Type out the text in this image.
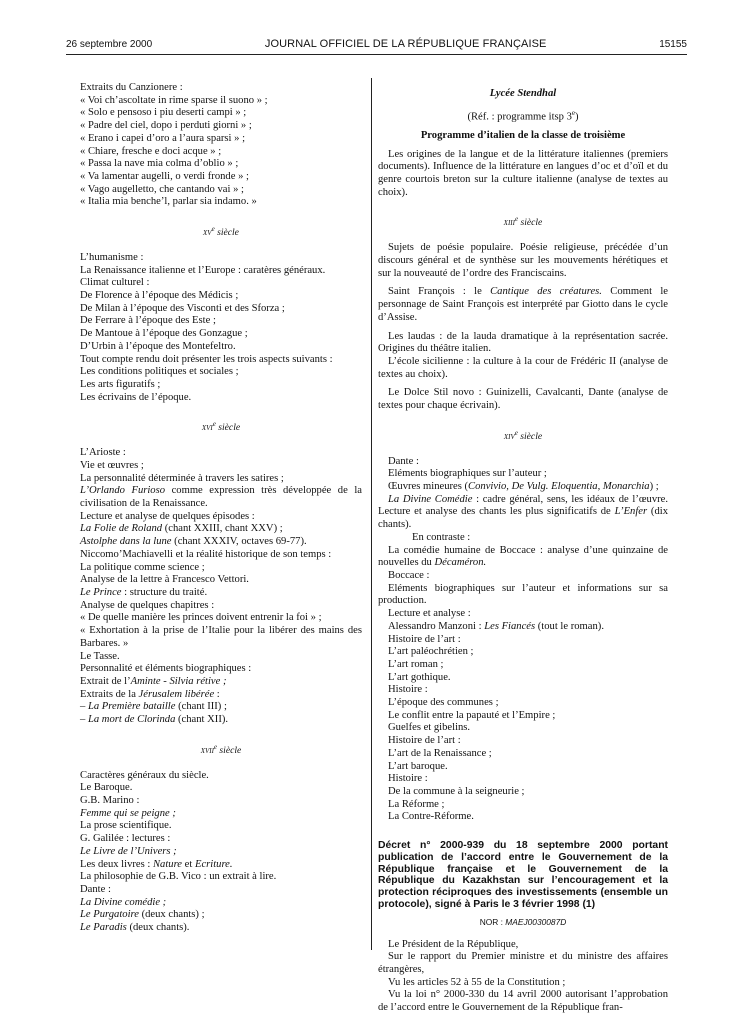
26 septembre 2000	JOURNAL OFFICIEL DE LA RÉPUBLIQUE FRANÇAISE	15155

Extraits du Canzionere :

« Voi ch’ascoltate in rime sparse il suono » ;

« Solo e pensoso i piu deserti campi » ;

« Padre del ciel, dopo i perduti giorni » ;

« Erano i capei d’oro a l’aura sparsi » ;

« Chiare, fresche e doci acque » ;

« Passa la nave mia colma d’oblio » ;

« Va lamentar augelli, o verdi fronde » ;

« Vago augelletto, che cantando vai » ;

« Italia mia benche’l, parlar sia indamo. »

$xv^e$ siècle

L’humanisme :

La Renaissance italienne et l’Europe : caratères généraux.

Climat culturel :

De Florence à l’époque des Médicis ;

De Milan à l’époque des Visconti et des Sforza ;

De Ferrare à l’époque des Este ;

De Mantoue à l’époque des Gonzague ;

D’Urbin à l’époque des Montefeltro.

Tout compte rendu doit présenter les trois aspects suivants :

Les conditions politiques et sociales ;

Les arts figuratifs ;

Les écrivains de l’époque.

xvi$^e$ siècle

L’Arioste :

Vie et œuvres ;

La personnalité déterminée à travers les satires ;

L’Orlando Furioso comme expression très développée de la civilisation de la Renaissance.

Lecture et analyse de quelques épisodes :

La Folie de Roland (chant XXIII, chant XXV) ;

Astolphe dans la lune (chant XXXIV, octaves 69-77).

Niccomo’Machiavelli et la réalité historique de son temps :

La politique comme science ;

Analyse de la lettre à Francesco Vettori.

Le Prince : structure du traité.

Analyse de quelques chapitres :

« De quelle manière les princes doivent entrenir la foi » ;

« Exhortation à la prise de l’Italie pour la libérer des mains des Barbares. »

Le Tasse.

Personnalité et éléments biographiques :

Extrait de l’Aminte - Silvia rétive ;

Extraits de la Jérusalem libérée :

– La Première bataille (chant III) ;

– La mort de Clorinda (chant XII).

xvii$^e$ siècle

Caractères généraux du siècle.

Le Baroque.

G.B. Marino :

Femme qui se peigne ;

La prose scientifique.

G. Galilée : lectures :

Le Livre de l’Univers ;

Les deux livres : Nature et Ecriture.

La philosophie de G.B. Vico : un extrait à lire.

Dante :

La Divine comédie ;

Le Purgatoire (deux chants) ;

Le Paradis (deux chants).

Lycée Stendhal

(Réf. : programme itsp 3e)

Programme d’italien de la classe de troisième

Les origines de la langue et de la littérature italiennes (premiers documents). Influence de la littérature en langues d’oc et d’oïl et du genre courtois breton sur la culture italienne (analyse de textes au choix).

xiii$^e$ siècle

Sujets de poésie populaire. Poésie religieuse, précédée d’un discours général et de synthèse sur les mouvements hérétiques et sur la nouveauté de l’ordre des Franciscains.

Saint François : le Cantique des créatures. Comment le personnage de Saint François est interprété par Giotto dans le cycle d’Assise.

Les laudas : de la lauda dramatique à la représentation sacrée. Origines du théâtre italien.

L’école sicilienne : la culture à la cour de Frédéric II (analyse de textes au choix).

Le Dolce Stil novo : Guinizelli, Cavalcanti, Dante (analyse de textes pour chaque écrivain).

xiv$^e$ siècle

Dante :

Eléments biographiques sur l’auteur ;

Œuvres mineures (Convivio, De Vulg. Eloquentia, Monarchia) ;

La Divine Comédie : cadre général, sens, les idéaux de l’œuvre. Lecture et analyse des chants les plus significatifs de L’Enfer (dix chants).

En contraste :

La comédie humaine de Boccace : analyse d’une quinzaine de nouvelles du Décaméron.

Boccace :

Eléments biographiques sur l’auteur et informations sur sa production.

Lecture et analyse :

Alessandro Manzoni : Les Fiancés (tout le roman).

Histoire de l’art :

L’art paléochrétien ;

L’art roman ;

L’art gothique.

Histoire :

L’époque des communes ;

Le conflit entre la papauté et l’Empire ;

Guelfes et gibelins.

Histoire de l’art :

L’art de la Renaissance ;

L’art baroque.

Histoire :

De la commune à la seigneurie ;

La Réforme ;

La Contre-Réforme.

Décret n° 2000-939 du 18 septembre 2000 portant publication de l’accord entre le Gouvernement de la République française et le Gouvernement de la République du Kazakhstan sur l’encouragement et la protection réciproques des investissements (ensemble un protocole), signé à Paris le 3 février 1998 (1)

NOR : MAEJ0030087D

Le Président de la République,

Sur le rapport du Premier ministre et du ministre des affaires étrangères,

Vu les articles 52 à 55 de la Constitution ;

Vu la loi n° 2000-330 du 14 avril 2000 autorisant l’approbation de l’accord entre le Gouvernement de la République fran-
